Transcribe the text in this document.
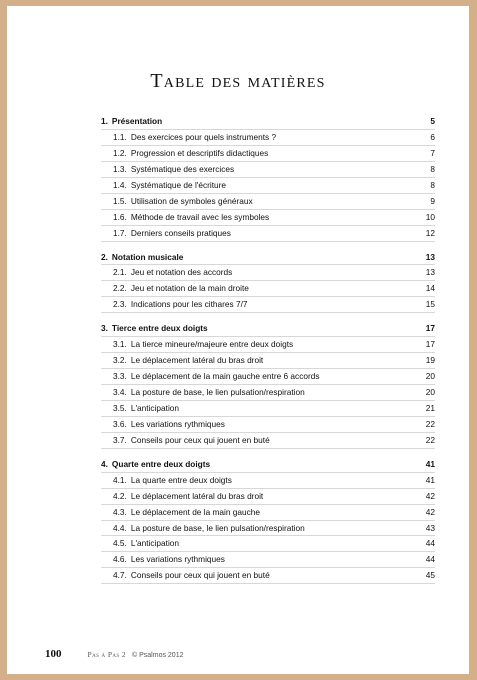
Table des matières
1. Présentation	5
1.1. Des exercices pour quels instruments ?	6
1.2. Progression et descriptifs didactiques	7
1.3. Systématique des exercices	8
1.4. Systématique de l'écriture	8
1.5. Utilisation de symboles généraux	9
1.6. Méthode de travail avec les symboles	10
1.7. Derniers conseils pratiques	12
2. Notation musicale	13
2.1. Jeu et notation des accords	13
2.2. Jeu et notation de la main droite	14
2.3. Indications pour les cithares 7/7	15
3. Tierce entre deux doigts	17
3.1. La tierce mineure/majeure entre deux doigts	17
3.2. Le déplacement latéral du bras droit	19
3.3. Le déplacement de la main gauche entre 6 accords	20
3.4. La posture de base, le lien pulsation/respiration	20
3.5. L'anticipation	21
3.6. Les variations rythmiques	22
3.7. Conseils pour ceux qui jouent en buté	22
4. Quarte entre deux doigts	41
4.1. La quarte entre deux doigts	41
4.2. Le déplacement latéral du bras droit	42
4.3. Le déplacement de la main gauche	42
4.4. La posture de base, le lien pulsation/respiration	43
4.5. L'anticipation	44
4.6. Les variations rythmiques	44
4.7. Conseils pour ceux qui jouent en buté	45
100	Pas à Pas 2 © Psalmos 2012
